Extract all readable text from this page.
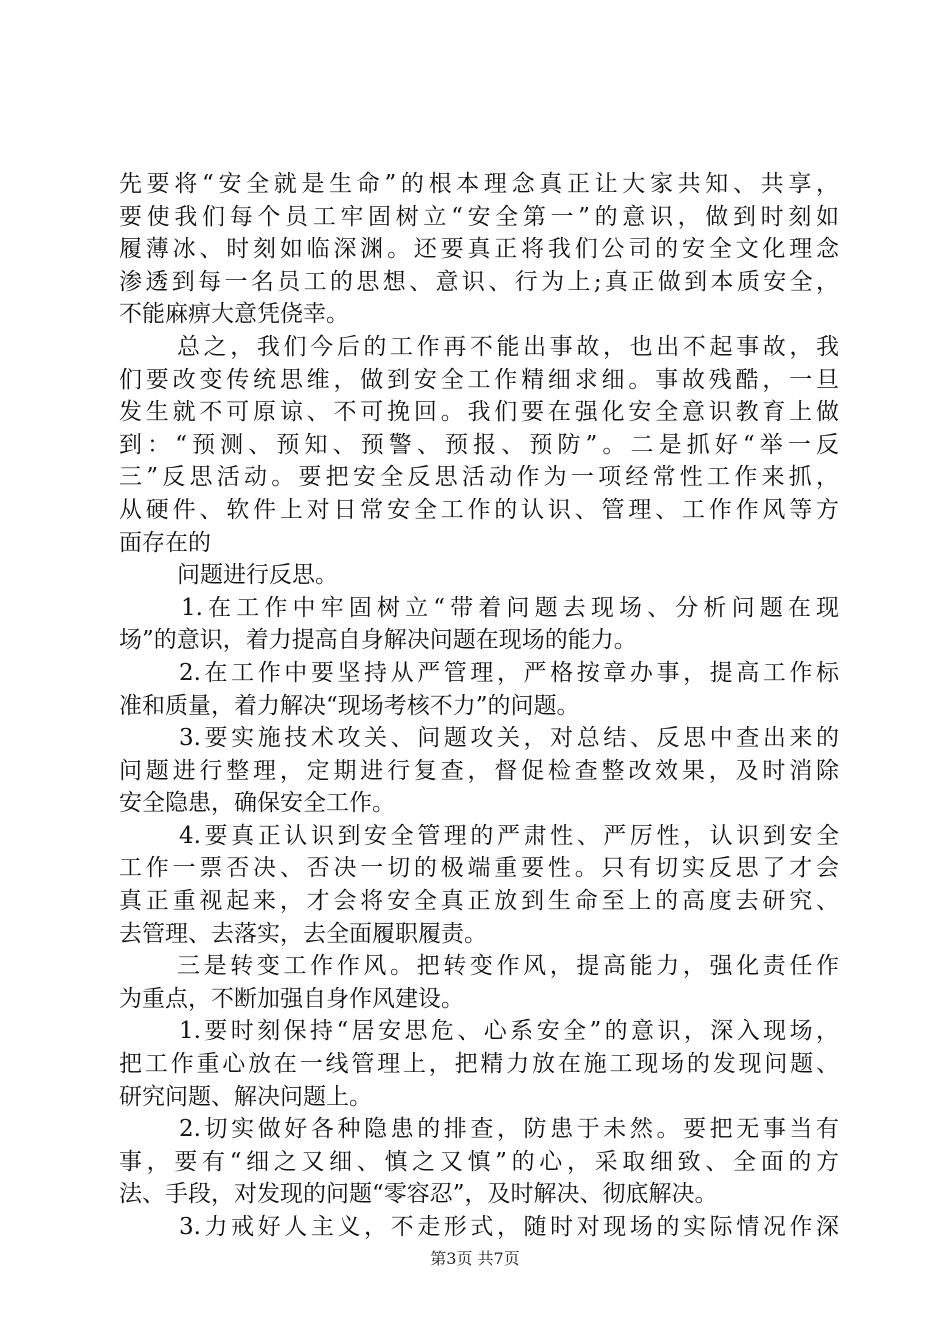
先要将“安全就是生命”的根本理念真正让大家共知、共享，
要使我们每个员工牢固树立“安全第一”的意识，做到时刻如
履薄冰、时刻如临深渊。还要真正将我们公司的安全文化理念
渗透到每一名员工的思想、意识、行为上;真正做到本质安全，
不能麻痹大意凭侥幸。
总之，我们今后的工作再不能出事故，也出不起事故，我
们要改变传统思维，做到安全工作精细求细。事故残酷，一旦
发生就不可原谅、不可挽回。我们要在强化安全意识教育上做
到：“预测、预知、预警、预报、预防”。二是抓好“举一反
三”反思活动。要把安全反思活动作为一项经常性工作来抓，
从硬件、软件上对日常安全工作的认识、管理、工作作风等方
面存在的
问题进行反思。
1.在工作中牢固树立“带着问题去现场、分析问题在现
场”的意识，着力提高自身解决问题在现场的能力。
2.在工作中要坚持从严管理，严格按章办事，提高工作标
准和质量，着力解决“现场考核不力”的问题。
3.要实施技术攻关、问题攻关，对总结、反思中查出来的
问题进行整理，定期进行复查，督促检查整改效果，及时消除
安全隐患，确保安全工作。
4.要真正认识到安全管理的严肃性、严厉性，认识到安全
工作一票否决、否决一切的极端重要性。只有切实反思了才会
真正重视起来，才会将安全真正放到生命至上的高度去研究、
去管理、去落实，去全面履职履责。
三是转变工作作风。把转变作风，提高能力，强化责任作
为重点，不断加强自身作风建设。
1.要时刻保持“居安思危、心系安全”的意识，深入现场，
把工作重心放在一线管理上，把精力放在施工现场的发现问题、
研究问题、解决问题上。
2.切实做好各种隐患的排查，防患于未然。要把无事当有
事，要有“细之又细、慎之又慎”的心，采取细致、全面的方
法、手段，对发现的问题“零容忍”，及时解决、彻底解决。
3.力戒好人主义，不走形式，随时对现场的实际情况作深
第3页 共7页
